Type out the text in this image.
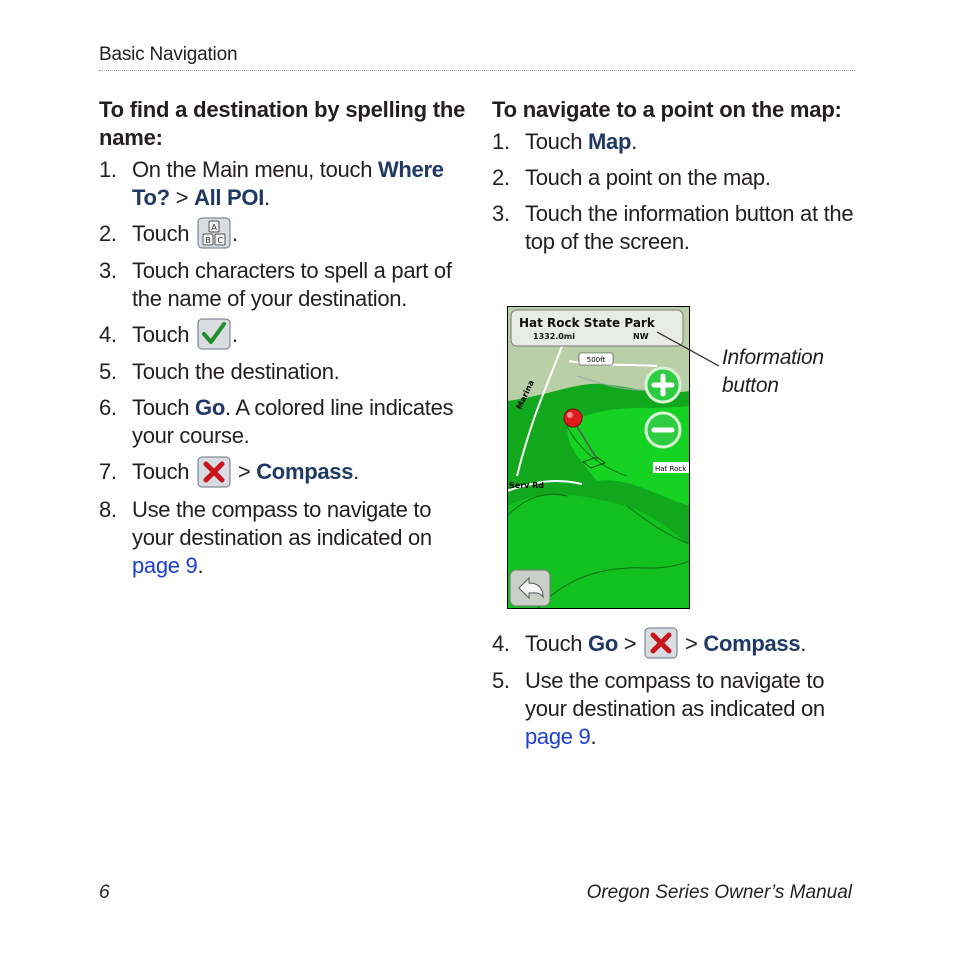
Basic Navigation
To find a destination by spelling the name:
1. On the Main menu, touch Where To? > All POI.
2. Touch A
B C .
3. Touch characters to spell a part of the name of your destination.
4. Touch .
5. Touch the destination.
6. Touch Go. A colored line indicates your course.
7. Touch  > Compass.
8. Use the compass to navigate to your destination as indicated on page 9.
To navigate to a point on the map:
1. Touch Map.
2. Touch a point on the map.
3. Touch the information button at the top of the screen.
Marina
Serv Rd
500ft
Hat Rock
Hat Rock State Park
1332.0mi	NW
Information
button
4. Touch Go >  > Compass.
5. Use the compass to navigate to your destination as indicated on page 9.
6	Oregon Series Owner’s Manual
